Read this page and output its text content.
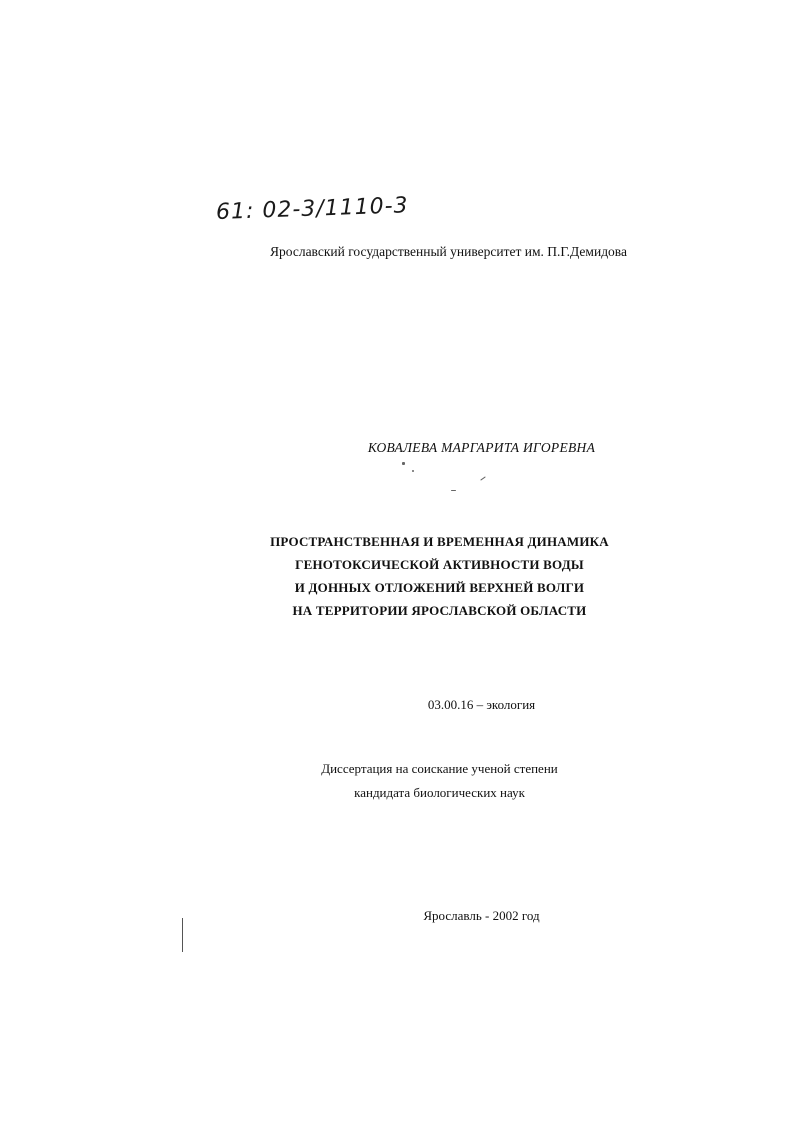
61: 02-3/1110-3
Ярославский государственный университет им. П.Г.Демидова
КОВАЛЕВА МАРГАРИТА ИГОРЕВНА
ПРОСТРАНСТВЕННАЯ И ВРЕМЕННАЯ ДИНАМИКА
ГЕНОТОКСИЧЕСКОЙ АКТИВНОСТИ ВОДЫ
И ДОННЫХ ОТЛОЖЕНИЙ ВЕРХНЕЙ ВОЛГИ
НА ТЕРРИТОРИИ ЯРОСЛАВСКОЙ ОБЛАСТИ
03.00.16 – экология
Диссертация на соискание ученой степени
кандидата биологических наук
Ярославль - 2002 год
